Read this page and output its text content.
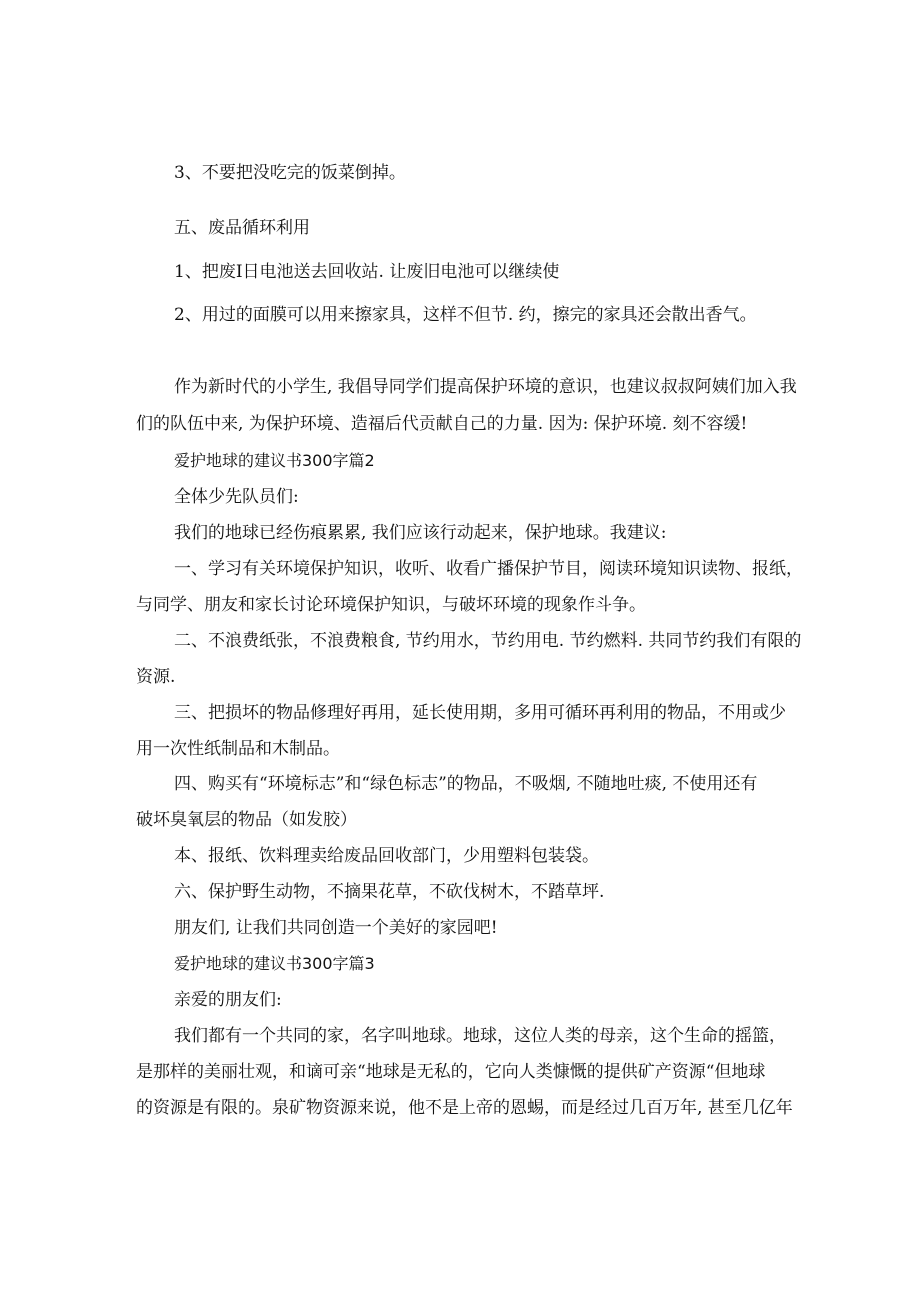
3、不要把没吃完的饭菜倒掉。

五、废品循环利用

1、把废I日电池送去回收站. 让废旧电池可以继续使

2、用过的面膜可以用来擦家具，这样不但节. 约，擦完的家具还会散出香气。

作为新时代的小学生, 我倡导同学们提高保护环境的意识，也建议叔叔阿姨们加入我

们的队伍中来, 为保护环境、造福后代贡献自己的力量. 因为: 保护环境. 刻不容缓!

爱护地球的建议书300字篇2

全体少先队员们:

我们的地球已经伤痕累累, 我们应该行动起来，保护地球。我建议:

一、学习有关环境保护知识，收听、收看广播保护节目，阅读环境知识读物、报纸，

与同学、朋友和家长讨论环境保护知识，与破坏环境的现象作斗争。

二、不浪费纸张，不浪费粮食, 节约用水，节约用电. 节约燃料. 共同节约我们有限的

资源.

三、把损坏的物品修理好再用，延长使用期，多用可循环再利用的物品，不用或少

用一次性纸制品和木制品。

四、购买有“环境标志”和“绿色标志”的物品，不吸烟, 不随地吐痰, 不使用还有

破坏臭氧层的物品（如发胶）

本、报纸、饮料理卖给废品回收部门，少用塑料包装袋。

六、保护野生动物，不摘果花草，不砍伐树木，不踏草坪.

朋友们, 让我们共同创造一个美好的家园吧!

爱护地球的建议书300字篇3

亲爱的朋友们:

我们都有一个共同的家，名字叫地球。地球，这位人类的母亲，这个生命的摇篮，

是那样的美丽壮观，和谪可亲“地球是无私的，它向人类慷慨的提供矿产资源“但地球

的资源是有限的。泉矿物资源来说，他不是上帝的恩蜴，而是经过几百万年, 甚至几亿年
